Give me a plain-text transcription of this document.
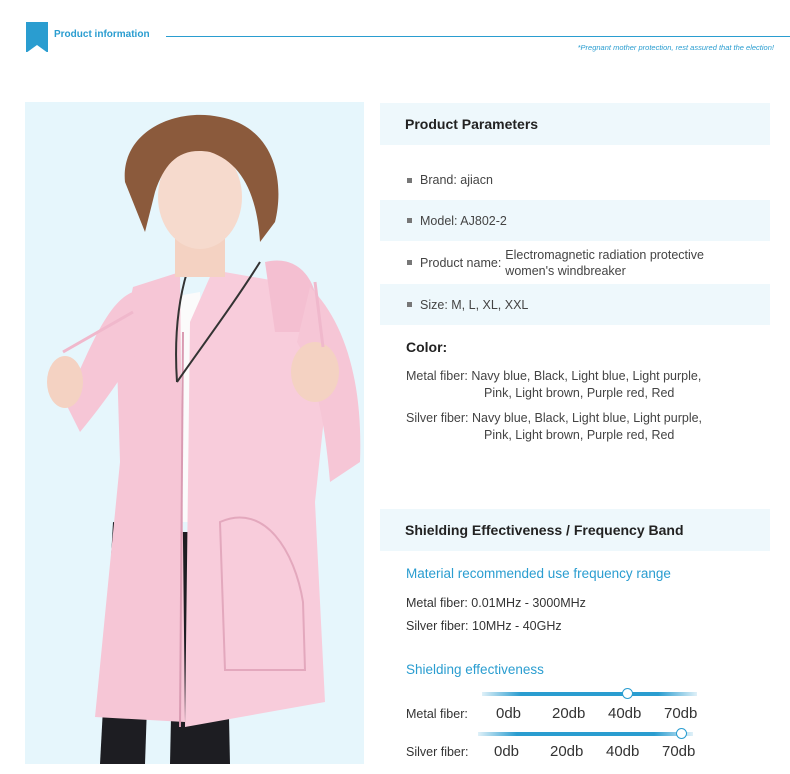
Product information
*Pregnant mother protection, rest assured that the election!
Product Parameters
Brand: ajiacn
Model: AJ802-2
Product name:
Electromagnetic radiation protective
women's windbreaker
Size: M, L, XL, XXL
Color:
Metal fiber: Navy blue, Black, Light blue, Light purple,
Pink, Light brown, Purple red, Red
Silver fiber: Navy blue, Black, Light blue, Light purple,
Pink, Light brown, Purple red, Red
Shielding Effectiveness / Frequency Band
Material recommended use frequency range
Metal fiber: 0.01MHz - 3000MHz
Silver fiber: 10MHz - 40GHz
Shielding effectiveness
Metal fiber: 0db	20db	40db	70db
Silver fiber: 0db	20db	40db	70db
